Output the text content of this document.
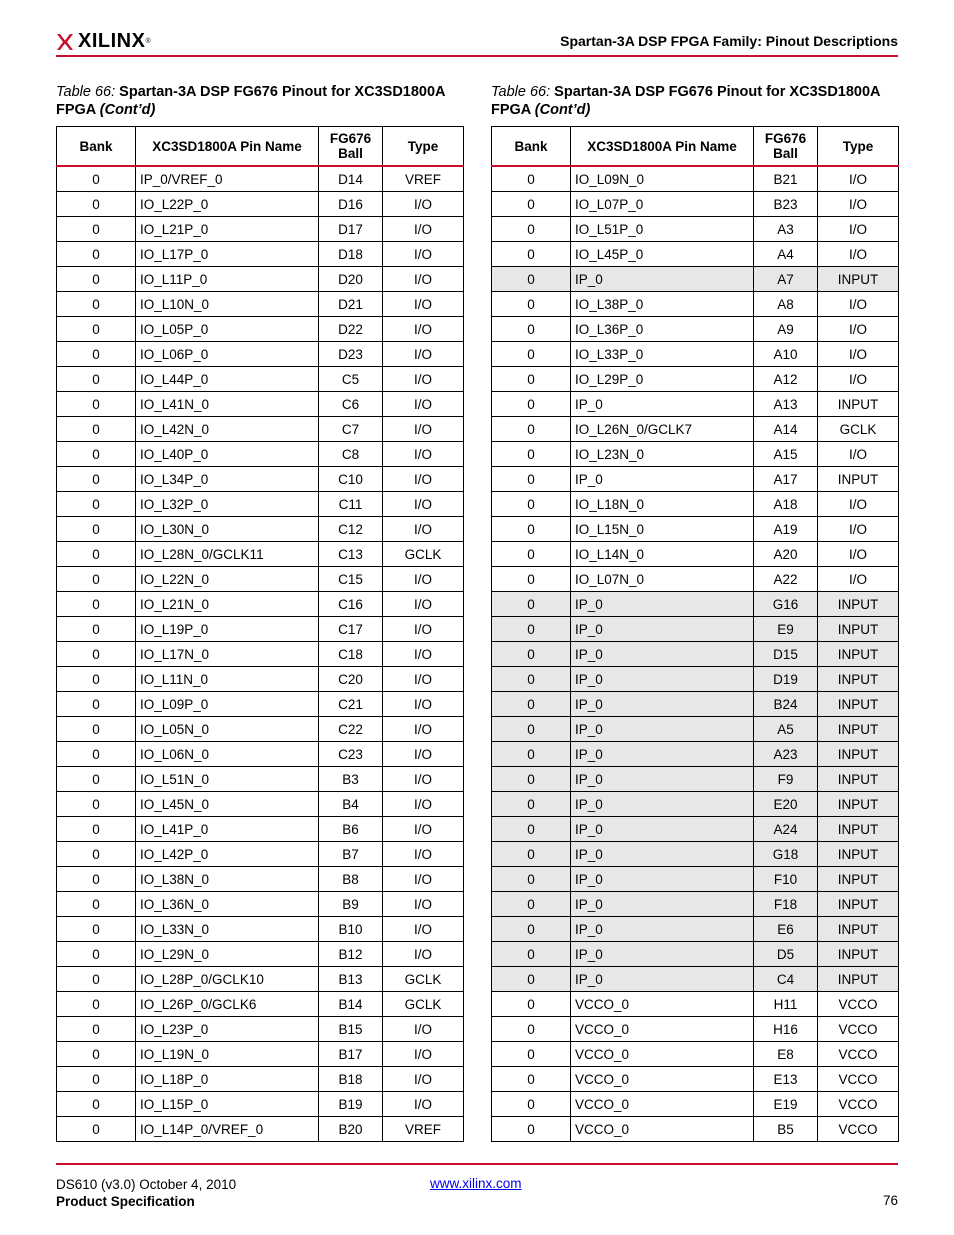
XILINX ®	Spartan-3A DSP FPGA Family: Pinout Descriptions
Table 66: Spartan-3A DSP FG676 Pinout for XC3SD1800A FPGA (Cont’d)
Table 66: Spartan-3A DSP FG676 Pinout for XC3SD1800A FPGA (Cont’d)
Bank	XC3SD1800A Pin Name	FG676 Ball	Type
0	IP_0/VREF_0	D14	VREF
0	IO_L22P_0	D16	I/O
0	IO_L21P_0	D17	I/O
0	IO_L17P_0	D18	I/O
0	IO_L11P_0	D20	I/O
0	IO_L10N_0	D21	I/O
0	IO_L05P_0	D22	I/O
0	IO_L06P_0	D23	I/O
0	IO_L44P_0	C5	I/O
0	IO_L41N_0	C6	I/O
0	IO_L42N_0	C7	I/O
0	IO_L40P_0	C8	I/O
0	IO_L34P_0	C10	I/O
0	IO_L32P_0	C11	I/O
0	IO_L30N_0	C12	I/O
0	IO_L28N_0/GCLK11	C13	GCLK
0	IO_L22N_0	C15	I/O
0	IO_L21N_0	C16	I/O
0	IO_L19P_0	C17	I/O
0	IO_L17N_0	C18	I/O
0	IO_L11N_0	C20	I/O
0	IO_L09P_0	C21	I/O
0	IO_L05N_0	C22	I/O
0	IO_L06N_0	C23	I/O
0	IO_L51N_0	B3	I/O
0	IO_L45N_0	B4	I/O
0	IO_L41P_0	B6	I/O
0	IO_L42P_0	B7	I/O
0	IO_L38N_0	B8	I/O
0	IO_L36N_0	B9	I/O
0	IO_L33N_0	B10	I/O
0	IO_L29N_0	B12	I/O
0	IO_L28P_0/GCLK10	B13	GCLK
0	IO_L26P_0/GCLK6	B14	GCLK
0	IO_L23P_0	B15	I/O
0	IO_L19N_0	B17	I/O
0	IO_L18P_0	B18	I/O
0	IO_L15P_0	B19	I/O
0	IO_L14P_0/VREF_0	B20	VREF
Bank	XC3SD1800A Pin Name	FG676 Ball	Type
0	IO_L09N_0	B21	I/O
0	IO_L07P_0	B23	I/O
0	IO_L51P_0	A3	I/O
0	IO_L45P_0	A4	I/O
0	IP_0	A7	INPUT
0	IO_L38P_0	A8	I/O
0	IO_L36P_0	A9	I/O
0	IO_L33P_0	A10	I/O
0	IO_L29P_0	A12	I/O
0	IP_0	A13	INPUT
0	IO_L26N_0/GCLK7	A14	GCLK
0	IO_L23N_0	A15	I/O
0	IP_0	A17	INPUT
0	IO_L18N_0	A18	I/O
0	IO_L15N_0	A19	I/O
0	IO_L14N_0	A20	I/O
0	IO_L07N_0	A22	I/O
0	IP_0	G16	INPUT
0	IP_0	E9	INPUT
0	IP_0	D15	INPUT
0	IP_0	D19	INPUT
0	IP_0	B24	INPUT
0	IP_0	A5	INPUT
0	IP_0	A23	INPUT
0	IP_0	F9	INPUT
0	IP_0	E20	INPUT
0	IP_0	A24	INPUT
0	IP_0	G18	INPUT
0	IP_0	F10	INPUT
0	IP_0	F18	INPUT
0	IP_0	E6	INPUT
0	IP_0	D5	INPUT
0	IP_0	C4	INPUT
0	VCCO_0	H11	VCCO
0	VCCO_0	H16	VCCO
0	VCCO_0	E8	VCCO
0	VCCO_0	E13	VCCO
0	VCCO_0	E19	VCCO
0	VCCO_0	B5	VCCO
DS610 (v3.0) October 4, 2010
Product Specification
www.xilinx.com
76
